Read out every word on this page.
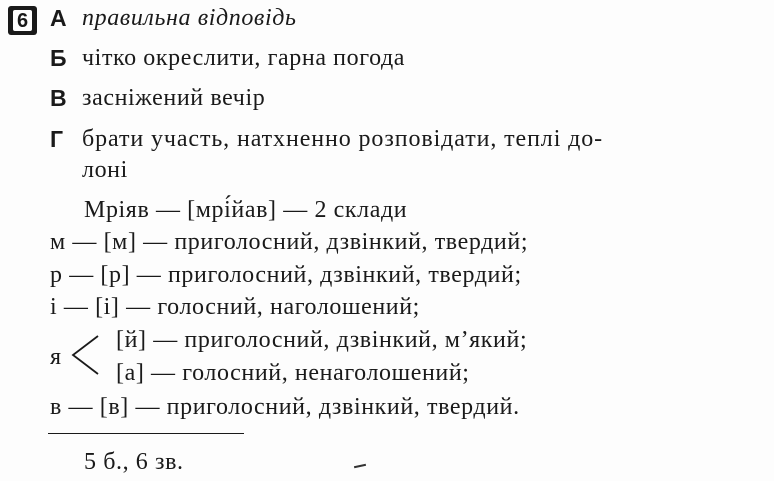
6 А правильна відповідь
Б чітко окреслити, гарна погода
В засніжений вечір
Г брати участь, натхненно розповідати, теплі до-
лоні
Мріяв — [мрі́йав] — 2 склади
м — [м] — приголосний, дзвінкий, твердий;
р — [р] — приголосний, дзвінкий, твердий;
і — [і] — голосний, наголошений;
я
[й] — приголосний, дзвінкий, м’який;
[а] — голосний, ненаголошений;
в — [в] — приголосний, дзвінкий, твердий.
5 б., 6 зв.
